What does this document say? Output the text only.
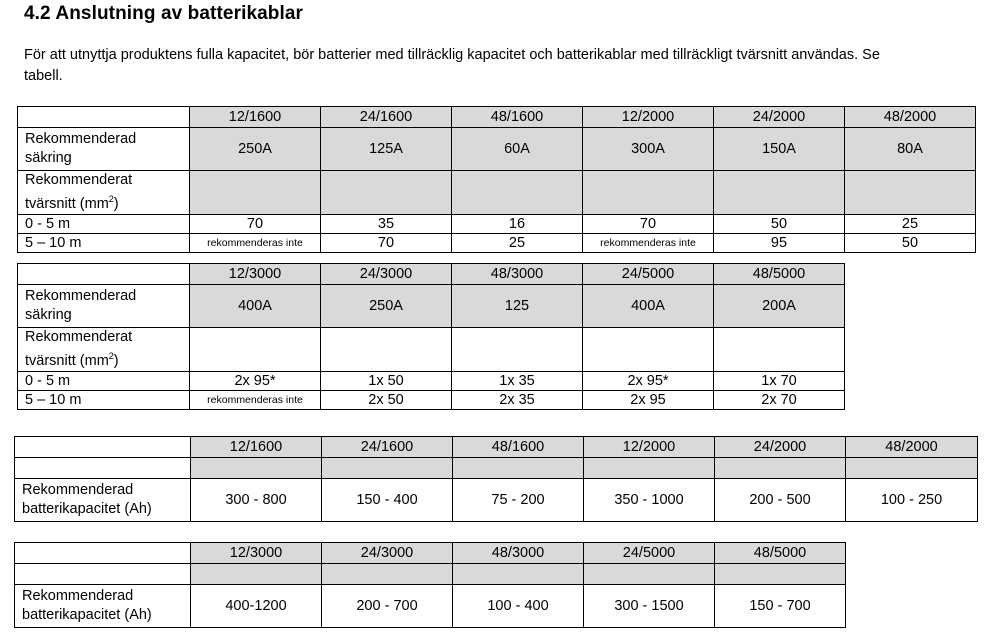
4.2 Anslutning av batterikablar

För att utnyttja produktens fulla kapacitet, bör batterier med tillräcklig kapacitet och batterikablar med tillräckligt tvärsnitt användas. Se
tabell.

	12/1600	24/1600	48/1600	12/2000	24/2000	48/2000
Rekommenderad
säkring	250A	125A	60A	300A	150A	80A
Rekommenderat
tvärsnitt $(mm^2)$						
0 - 5 m	70	35	16	70	50	25
5 – 10 m	rekommenderas inte	70	25	rekommenderas inte	95	50
	12/3000	24/3000	48/3000	24/5000	48/5000
Rekommenderad
säkring	400A	250A	125	400A	200A
Rekommenderat
tvärsnitt $(mm^2)$					
0 - 5 m	2x 95*	1x 50	1x 35	2x 95*	1x 70
5 – 10 m	rekommenderas inte	2x 50	2x 35	2x 95	2x 70
	12/1600	24/1600	48/1600	12/2000	24/2000	48/2000

Rekommenderad
batterikapacitet (Ah)	300 - 800	150 - 400	75 - 200	350 - 1000	200 - 500	100 - 250
	12/3000	24/3000	48/3000	24/5000	48/5000

Rekommenderad
batterikapacitet (Ah)	400-1200	200 - 700	100 - 400	300 - 1500	150 - 700
